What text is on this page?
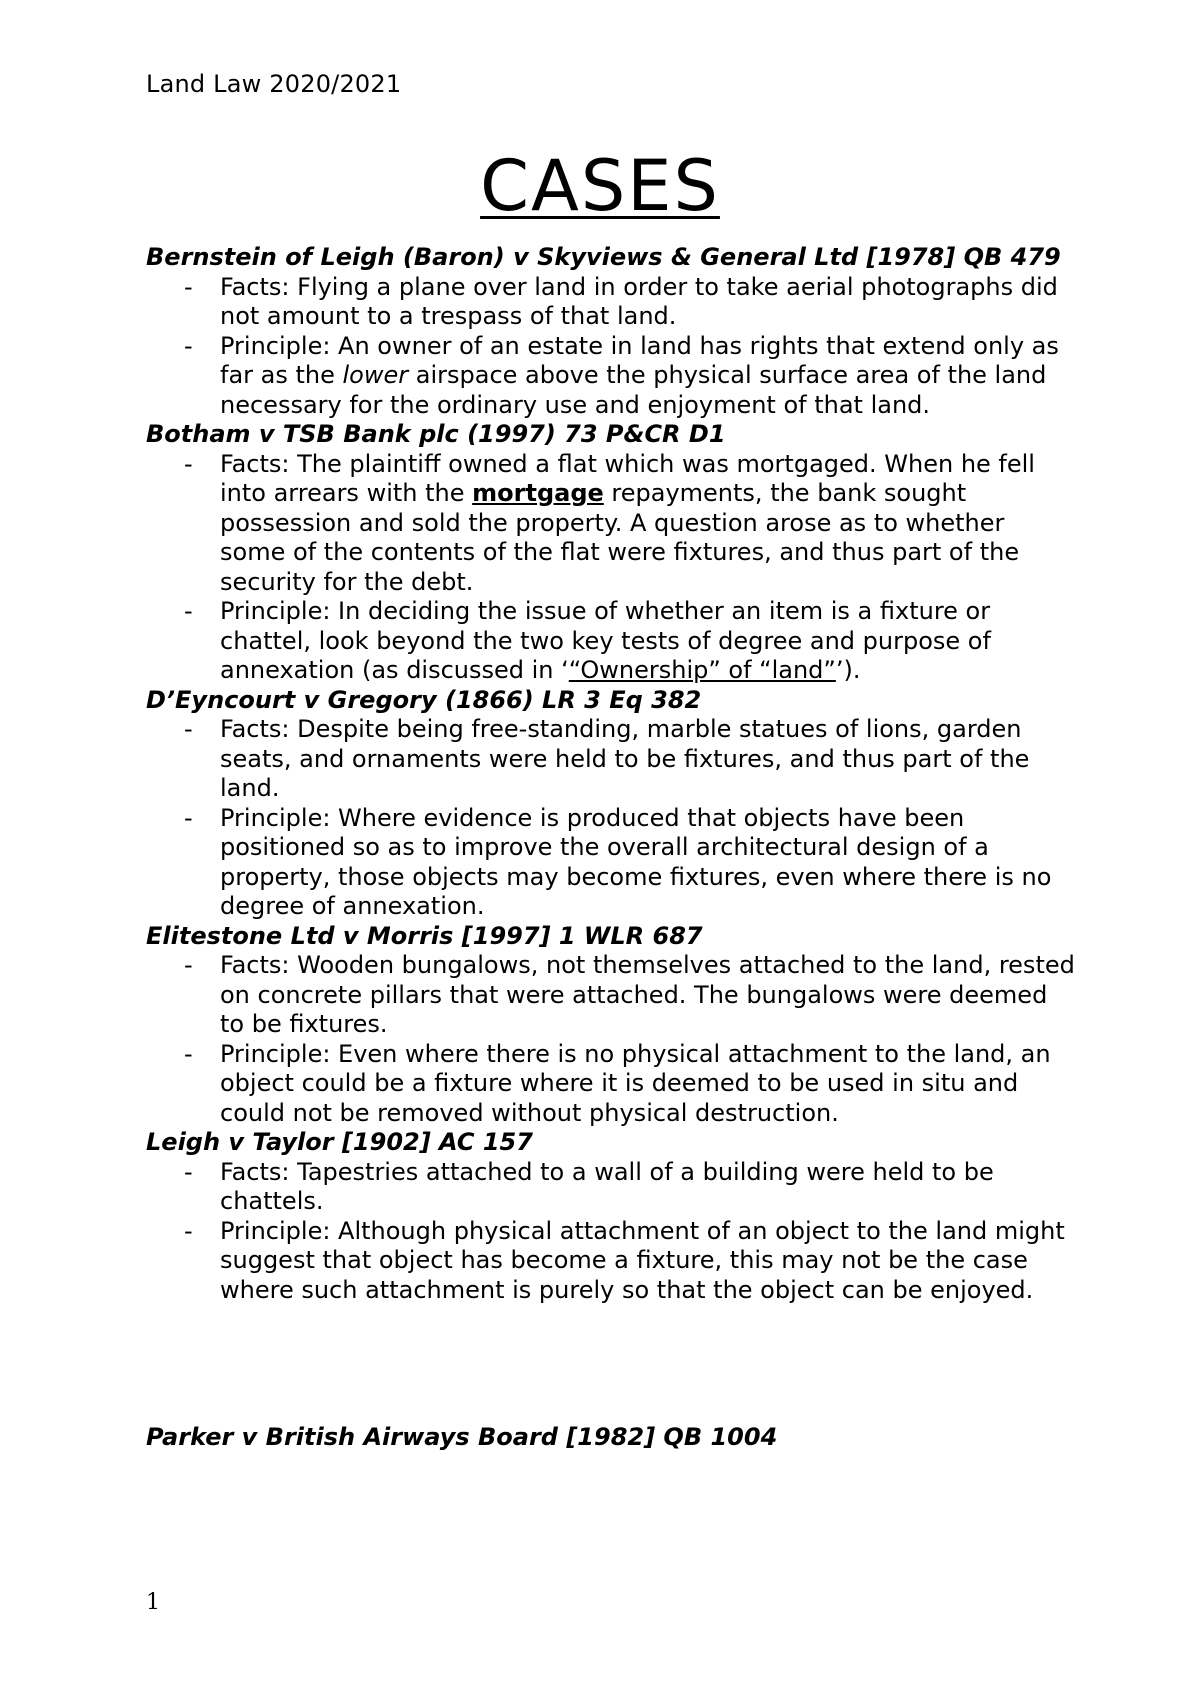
Land Law 2020/2021
CASES

Bernstein of Leigh (Baron) v Skyviews & General Ltd [1978] QB 479

- Facts: Flying a plane over land in order to take aerial photographs did not amount to a trespass of that land.
- Principle: An owner of an estate in land has rights that extend only as far as the lower airspace above the physical surface area of the land necessary for the ordinary use and enjoyment of that land.

Botham v TSB Bank plc (1997) 73 P&CR D1

- Facts: The plaintiff owned a flat which was mortgaged. When he fell into arrears with the mortgage repayments, the bank sought possession and sold the property. A question arose as to whether some of the contents of the flat were fixtures, and thus part of the security for the debt.
- Principle: In deciding the issue of whether an item is a fixture or chattel, look beyond the two key tests of degree and purpose of annexation (as discussed in ‘“Ownership” of “land”’).

D’Eyncourt v Gregory (1866) LR 3 Eq 382

- Facts: Despite being free-standing, marble statues of lions, garden seats, and ornaments were held to be fixtures, and thus part of the land.
- Principle: Where evidence is produced that objects have been positioned so as to improve the overall architectural design of a property, those objects may become fixtures, even where there is no degree of annexation.

Elitestone Ltd v Morris [1997] 1 WLR 687

- Facts: Wooden bungalows, not themselves attached to the land, rested on concrete pillars that were attached. The bungalows were deemed to be fixtures.
- Principle: Even where there is no physical attachment to the land, an object could be a fixture where it is deemed to be used in situ and could not be removed without physical destruction.

Leigh v Taylor [1902] AC 157

- Facts: Tapestries attached to a wall of a building were held to be chattels.
- Principle: Although physical attachment of an object to the land might suggest that object has become a fixture, this may not be the case where such attachment is purely so that the object can be enjoyed.

Parker v British Airways Board [1982] QB 1004

1
